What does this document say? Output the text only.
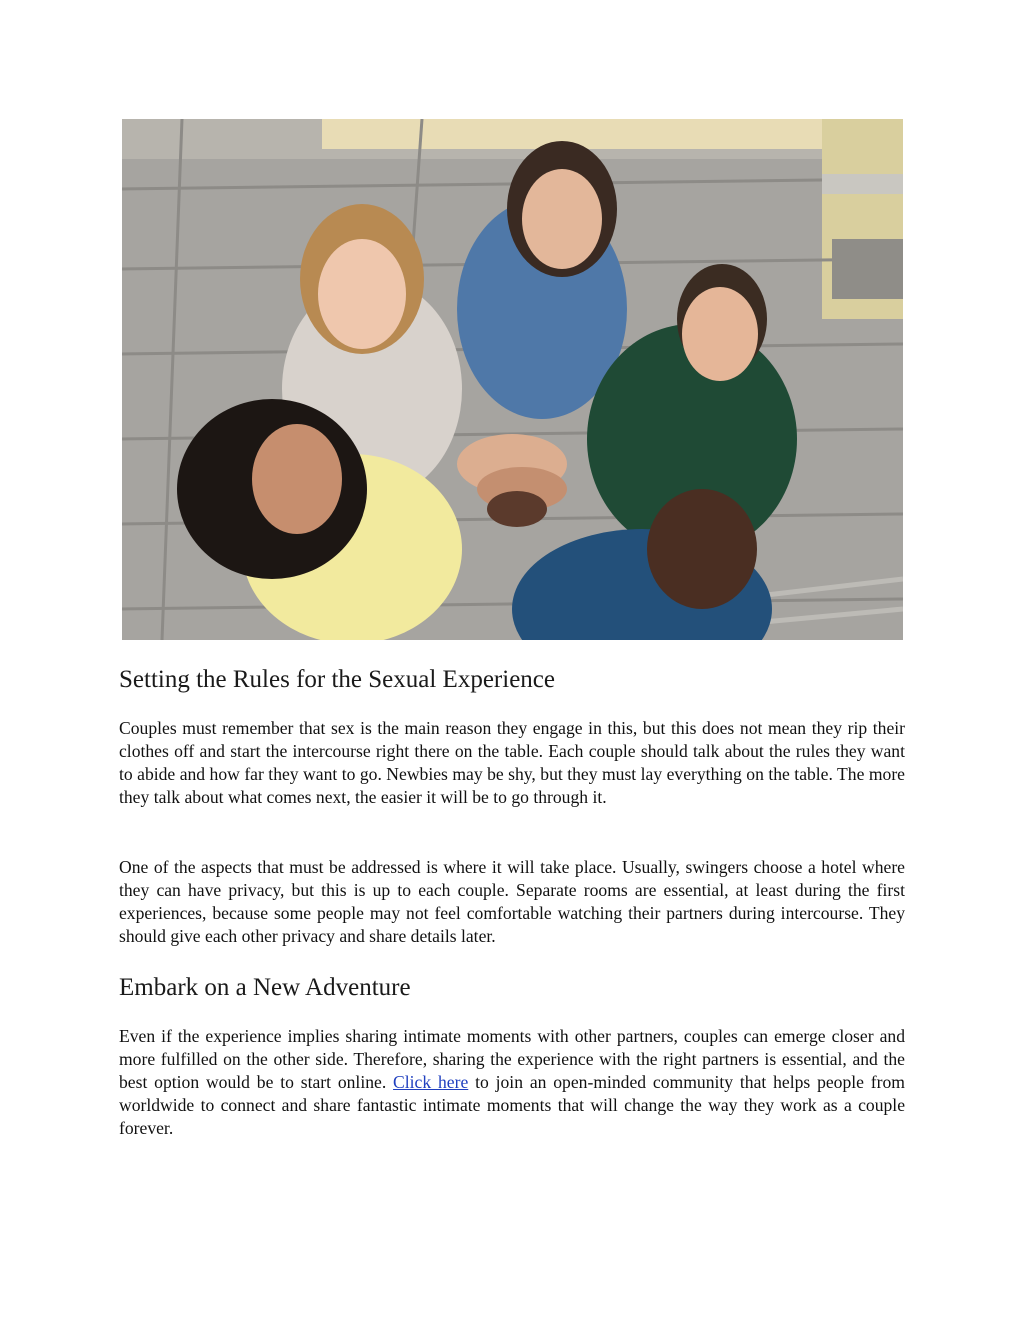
Setting the Rules for the Sexual Experience

Couples must remember that sex is the main reason they engage in this, but this does not mean they rip their clothes off and start the intercourse right there on the table. Each couple should talk about the rules they want to abide and how far they want to go. Newbies may be shy, but they must lay everything on the table. The more they talk about what comes next, the easier it will be to go through it.

One of the aspects that must be addressed is where it will take place. Usually, swingers choose a hotel where they can have privacy, but this is up to each couple. Separate rooms are essential, at least during the first experiences, because some people may not feel comfortable watching their partners during intercourse. They should give each other privacy and share details later.

Embark on a New Adventure

Even if the experience implies sharing intimate moments with other partners, couples can emerge closer and more fulfilled on the other side. Therefore, sharing the experience with the right partners is essential, and the best option would be to start online. Click here to join an open-minded community that helps people from worldwide to connect and share fantastic intimate moments that will change the way they work as a couple forever.
